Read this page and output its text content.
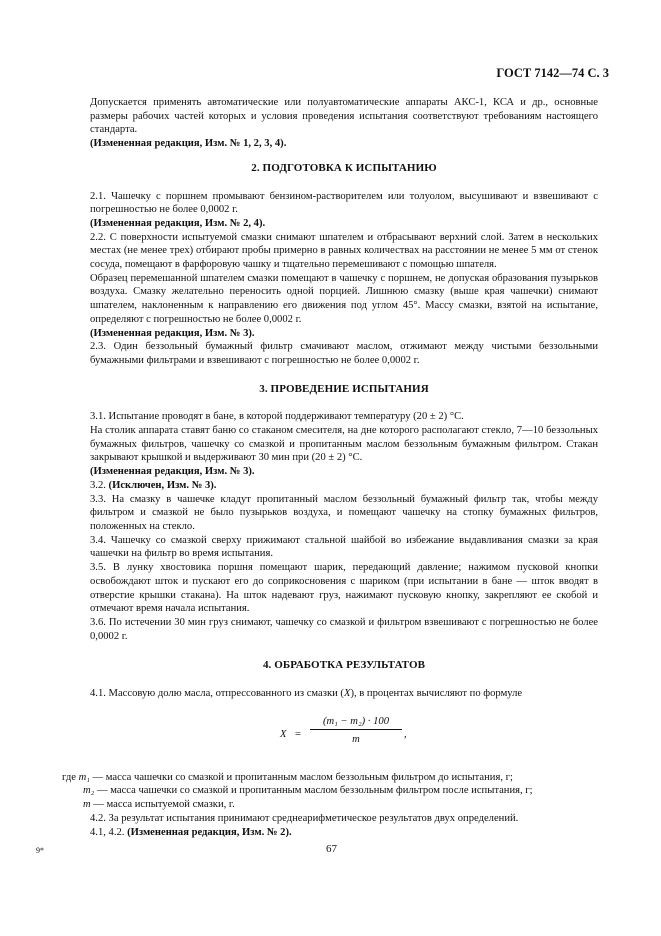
ГОСТ 7142—74 С. 3

Допускается применять автоматические или полуавтоматические аппараты АКС-1, КСА и др., основные размеры рабочих частей которых и условия проведения испытания соответствуют требованиям настоящего стандарта.

(Измененная редакция, Изм. № 1, 2, 3, 4).

2. ПОДГОТОВКА К ИСПЫТАНИЮ

2.1. Чашечку с поршнем промывают бензином-растворителем или толуолом, высушивают и взвешивают с погрешностью не более 0,0002 г.

(Измененная редакция, Изм. № 2, 4).

2.2. С поверхности испытуемой смазки снимают шпателем и отбрасывают верхний слой. Затем в нескольких местах (не менее трех) отбирают пробы примерно в равных количествах на расстоянии не менее 5 мм от стенок сосуда, помещают в фарфоровую чашку и тщательно перемешивают с помощью шпателя.

Образец перемешанной шпателем смазки помещают в чашечку с поршнем, не допуская образования пузырьков воздуха. Смазку желательно переносить одной порцией. Лишнюю смазку (выше края чашечки) снимают шпателем, наклоненным к направлению его движения под углом 45°. Массу смазки, взятой на испытание, определяют с погрешностью не более 0,0002 г.

(Измененная редакция, Изм. № 3).

2.3. Один беззольный бумажный фильтр смачивают маслом, отжимают между чистыми беззольными бумажными фильтрами и взвешивают с погрешностью не более 0,0002 г.

3. ПРОВЕДЕНИЕ ИСПЫТАНИЯ

3.1. Испытание проводят в бане, в которой поддерживают температуру (20 ± 2) °С.

На столик аппарата ставят баню со стаканом смесителя, на дне которого располагают стекло, 7—10 беззольных бумажных фильтров, чашечку со смазкой и пропитанным маслом беззольным бумажным фильтром. Стакан закрывают крышкой и выдерживают 30 мин при (20 ± 2) °С.

(Измененная редакция, Изм. № 3).

3.2. (Исключен, Изм. № 3).

3.3. На смазку в чашечке кладут пропитанный маслом беззольный бумажный фильтр так, чтобы между фильтром и смазкой не было пузырьков воздуха, и помещают чашечку на стопку бумажных фильтров, положенных на стекло.

3.4. Чашечку со смазкой сверху прижимают стальной шайбой во избежание выдавливания смазки за края чашечки на фильтр во время испытания.

3.5. В лунку хвостовика поршня помещают шарик, передающий давление; нажимом пусковой кнопки освобождают шток и пускают его до соприкосновения с шариком (при испытании в бане — шток вводят в отверстие крышки стакана). На шток надевают груз, нажимают пусковую кнопку, закрепляют ее скобой и отмечают время начала испытания.

3.6. По истечении 30 мин груз снимают, чашечку со смазкой и фильтром взвешивают с погрешностью не более 0,0002 г.

4. ОБРАБОТКА РЕЗУЛЬТАТОВ

4.1. Массовую долю масла, отпрессованного из смазки (X), в процентах вычисляют по формуле

X =
(m₁ − m₂) · 100
m	,

где m₁ — масса чашечки со смазкой и пропитанным маслом беззольным фильтром до испытания, г;

m₂ — масса чашечки со смазкой и пропитанным маслом беззольным фильтром после испытания, г;

m — масса испытуемой смазки, г.

4.2. За результат испытания принимают среднеарифметическое результатов двух определений.

4.1, 4.2. (Измененная редакция, Изм. № 2).

9*	67
